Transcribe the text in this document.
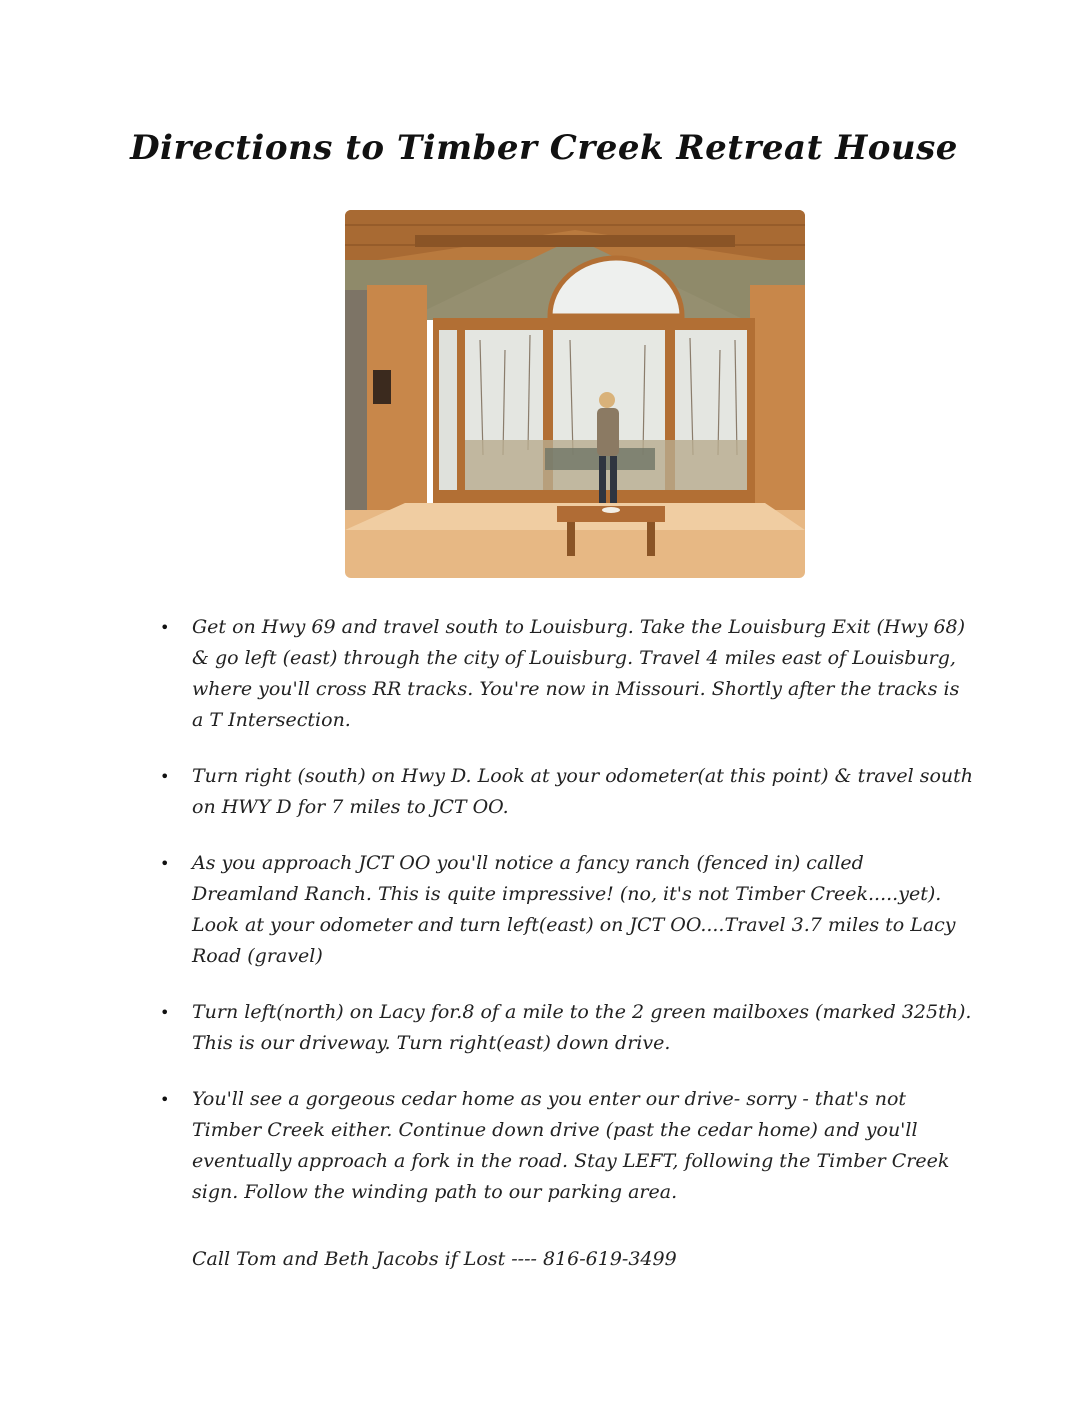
Directions to Timber Creek Retreat House
• Get on Hwy 69 and travel south to Louisburg. Take the Louisburg Exit (Hwy 68) & go left (east) through the city of Louisburg. Travel 4 miles east of Louisburg, where you'll cross RR tracks. You're now in Missouri. Shortly after the tracks is a T Intersection.
• Turn right (south) on Hwy D. Look at your odometer(at this point) & travel south on HWY D for 7 miles to JCT OO.
• As you approach JCT OO you'll notice a fancy ranch (fenced in) called Dreamland Ranch. This is quite impressive! (no, it's not Timber Creek.....yet). Look at your odometer and turn left(east) on JCT OO....Travel 3.7 miles to Lacy Road (gravel)
• Turn left(north) on Lacy for.8 of a mile to the 2 green mailboxes (marked 325th). This is our driveway. Turn right(east) down drive.
• You'll see a gorgeous cedar home as you enter our drive- sorry - that's not Timber Creek either. Continue down drive (past the cedar home) and you'll eventually approach a fork in the road. Stay LEFT, following the Timber Creek sign. Follow the winding path to our parking area.
Call Tom and Beth Jacobs if Lost ---- 816-619-3499
